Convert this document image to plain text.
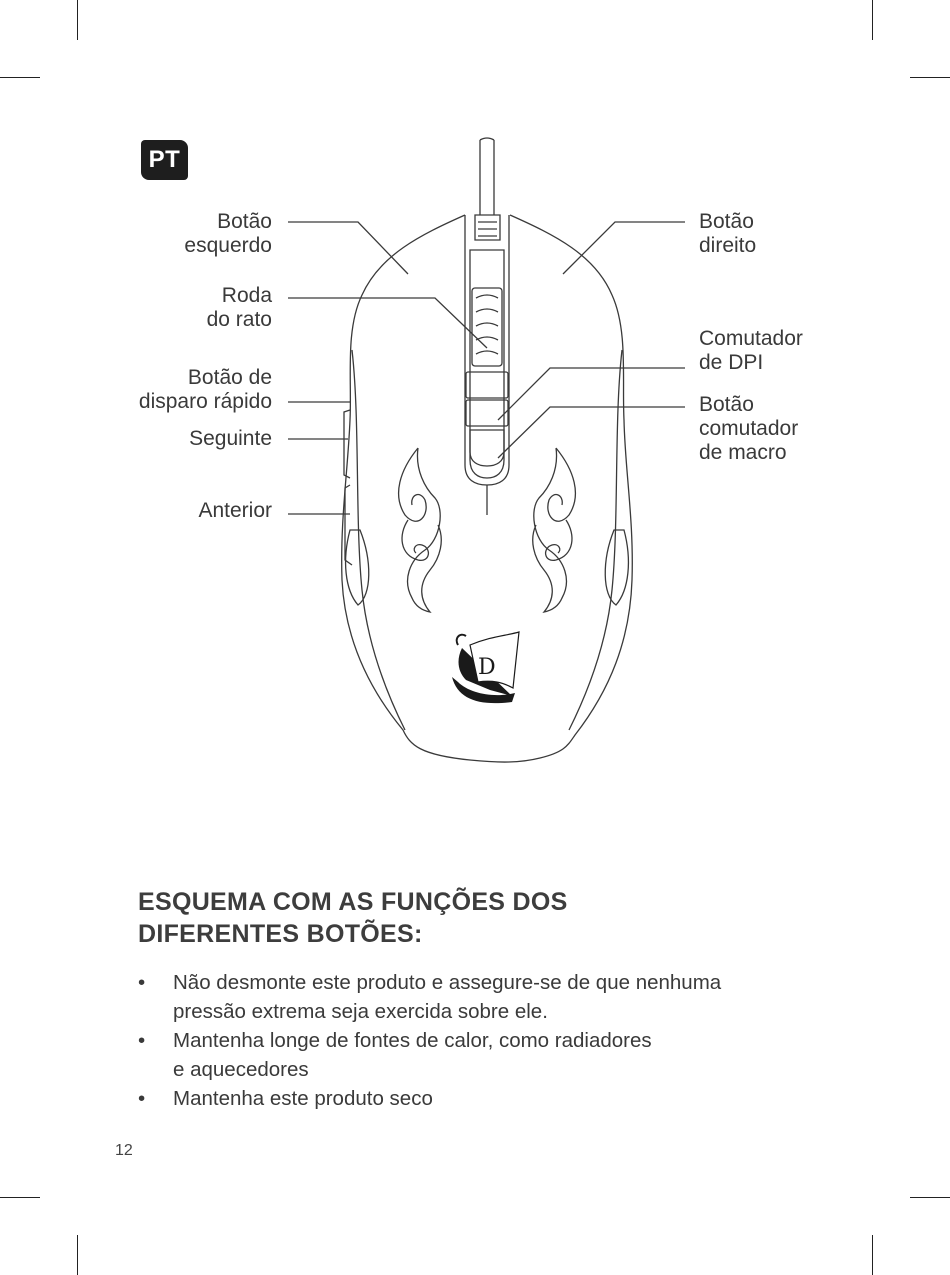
PT
D
Botão
esquerdo
Roda
do rato
Botão de
disparo rápido
Seguinte
Anterior
Botão
direito
Comutador
de DPI
Botão
comutador
de macro
ESQUEMA COM AS FUNÇÕES DOS
DIFERENTES BOTÕES:
• Não desmonte este produto e assegure-se de que nenhuma
pressão extrema seja exercida sobre ele.
• Mantenha longe de fontes de calor, como radiadores
e aquecedores
• Mantenha este produto seco
12
